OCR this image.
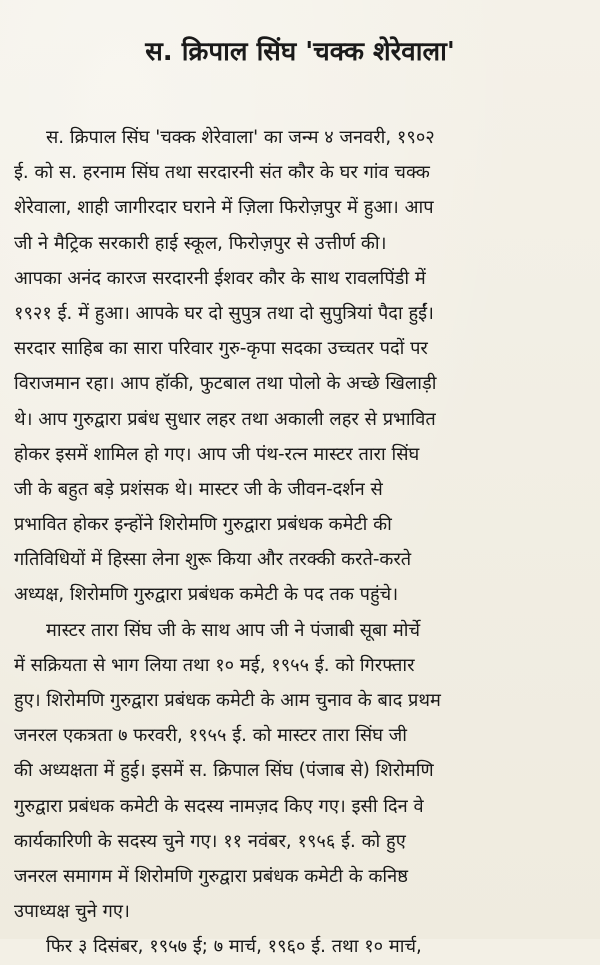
स. क्रिपाल सिंघ 'चक्क शेरेवाला'
स. क्रिपाल सिंघ 'चक्क शेरेवाला' का जन्म ४ जनवरी, १९०२
ई. को स. हरनाम सिंघ तथा सरदारनी संत कौर के घर गांव चक्क
शेरेवाला, शाही जागीरदार घराने में ज़िला फिरोज़पुर में हुआ। आप
जी ने मैट्रिक सरकारी हाई स्कूल, फिरोज़पुर से उत्तीर्ण की।
आपका अनंद कारज सरदारनी ईशवर कौर के साथ रावलपिंडी में
१९२१ ई. में हुआ। आपके घर दो सुपुत्र तथा दो सुपुत्रियां पैदा हुईं।
सरदार साहिब का सारा परिवार गुरु-कृपा सदका उच्चतर पदों पर
विराजमान रहा। आप हॉकी, फुटबाल तथा पोलो के अच्छे खिलाड़ी
थे। आप गुरुद्वारा प्रबंध सुधार लहर तथा अकाली लहर से प्रभावित
होकर इसमें शामिल हो गए। आप जी पंथ-रत्न मास्टर तारा सिंघ
जी के बहुत बड़े प्रशंसक थे। मास्टर जी के जीवन-दर्शन से
प्रभावित होकर इन्होंने शिरोमणि गुरुद्वारा प्रबंधक कमेटी की
गतिविधियों में हिस्सा लेना शुरू किया और तरक्की करते-करते
अध्यक्ष, शिरोमणि गुरुद्वारा प्रबंधक कमेटी के पद तक पहुंचे।
मास्टर तारा सिंघ जी के साथ आप जी ने पंजाबी सूबा मोर्चे
में सक्रियता से भाग लिया तथा १० मई, १९५५ ई. को गिरफ्तार
हुए। शिरोमणि गुरुद्वारा प्रबंधक कमेटी के आम चुनाव के बाद प्रथम
जनरल एकत्रता ७ फरवरी, १९५५ ई. को मास्टर तारा सिंघ जी
की अध्यक्षता में हुई। इसमें स. क्रिपाल सिंघ (पंजाब से) शिरोमणि
गुरुद्वारा प्रबंधक कमेटी के सदस्य नामज़द किए गए। इसी दिन वे
कार्यकारिणी के सदस्य चुने गए। ११ नवंबर, १९५६ ई. को हुए
जनरल समागम में शिरोमणि गुरुद्वारा प्रबंधक कमेटी के कनिष्ठ
उपाध्यक्ष चुने गए।
फिर ३ दिसंबर, १९५७ ई; ७ मार्च, १९६० ई. तथा १० मार्च,
